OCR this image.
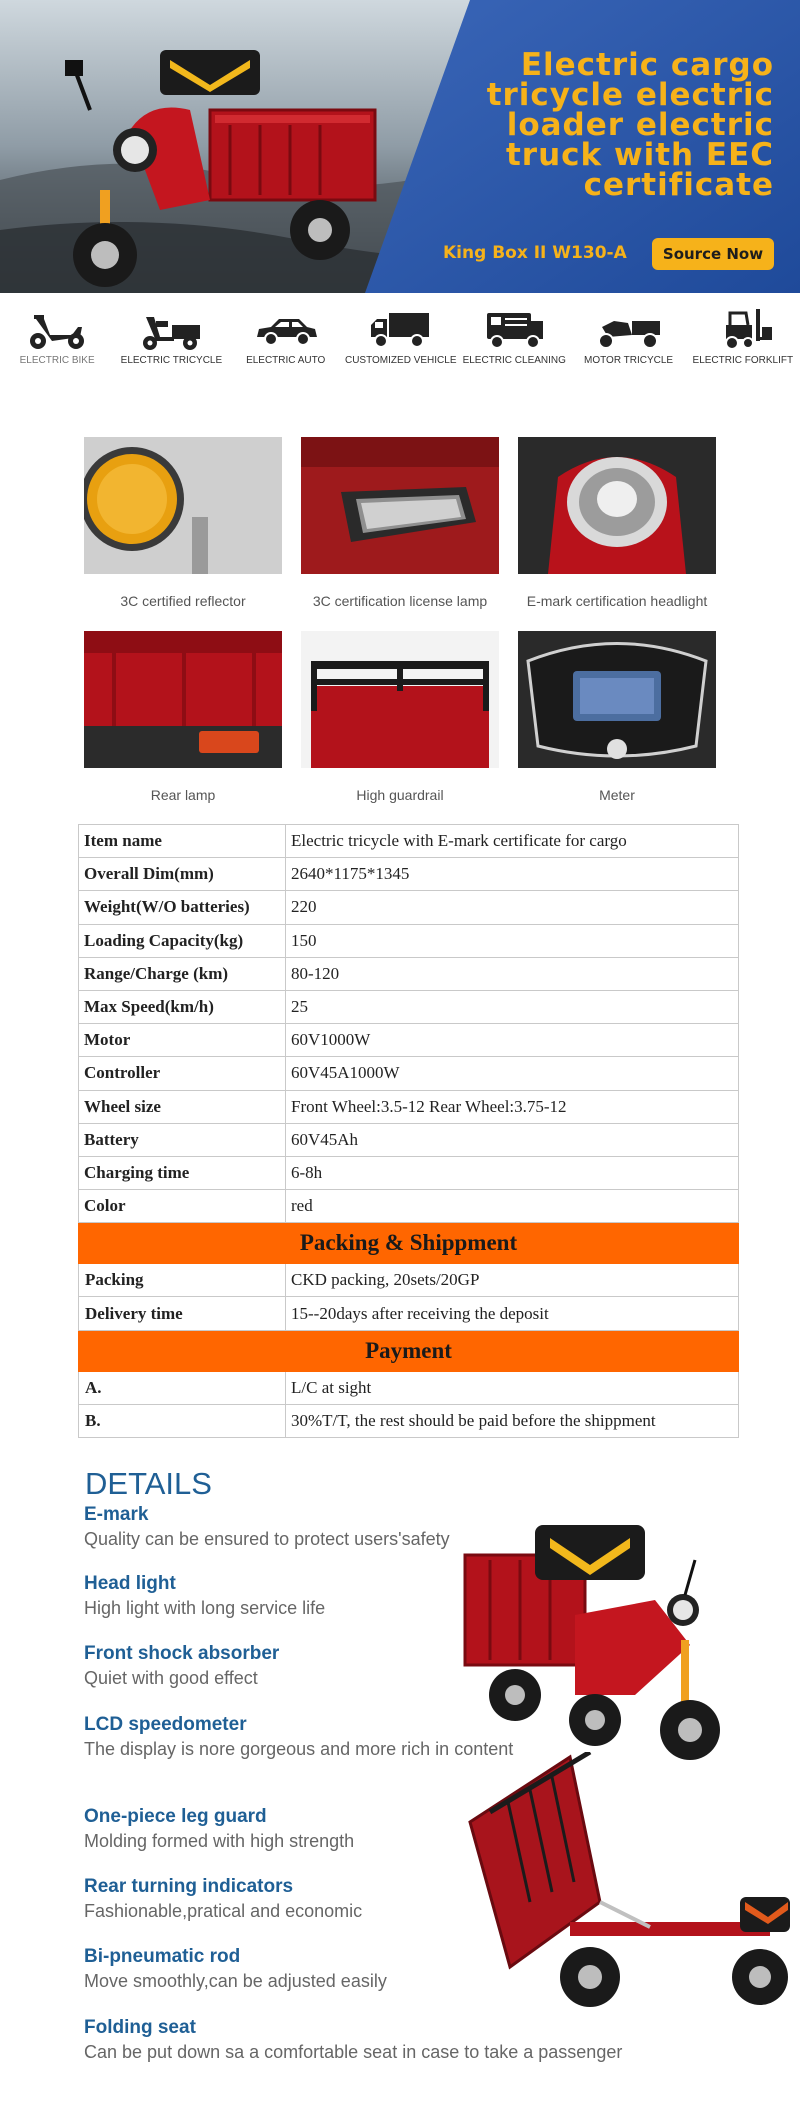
Electric cargo
tricycle electric
loader electric
truck with EEC
certificate
King Box II W130-A	Source Now
ELECTRIC BIKE	ELECTRIC TRICYCLE	ELECTRIC AUTO	CUSTOMIZED VEHICLE ELECTRIC CLEANING	MOTOR TRICYCLE	ELECTRIC FORKLIFT
3C certified reflector	3C certification license lamp	E-mark certification headlight
Rear lamp	High guardrail	Meter
Item name	Electric tricycle with E-mark certificate for cargo
Overall Dim(mm)	2640*1175*1345
Weight(W/O batteries)	220
Loading Capacity(kg)	150
Range/Charge (km)	80-120
Max Speed(km/h)	25
Motor	60V1000W
Controller	60V45A1000W
Wheel size	Front Wheel:3.5-12 Rear Wheel:3.75-12
Battery	60V45Ah
Charging time	6-8h
Color	red
Packing & Shippment	
Packing	CKD packing, 20sets/20GP
Delivery time	15--20days after receiving the deposit
Payment	
A.	L/C at sight
B.	30%T/T, the rest should be paid before the shippment
DETAILS
E-mark
Quality can be ensured to protect users'safety
Head light
High light with long service life
Front shock absorber
Quiet with good effect
LCD speedometer
The display is nore gorgeous and more rich in content
One-piece leg guard
Molding formed with high strength
Rear turning indicators
Fashionable,pratical and economic
Bi-pneumatic rod
Move smoothly,can be adjusted easily
Folding seat
Can be put down sa a comfortable seat in case to take a passenger
